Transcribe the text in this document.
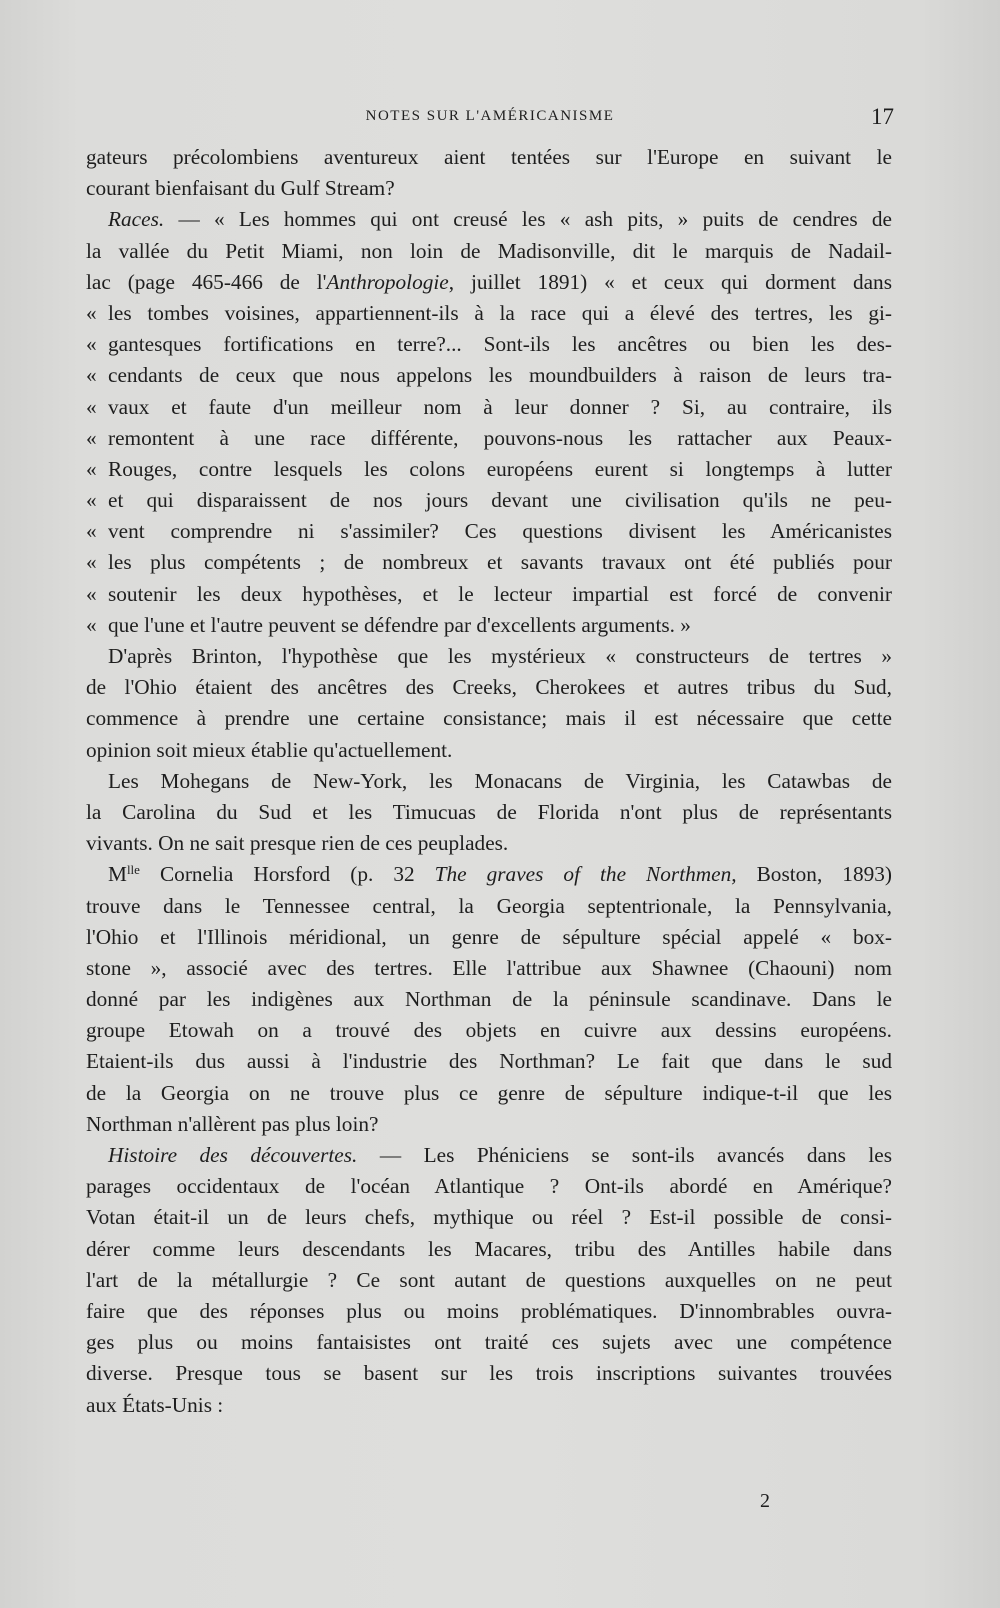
NOTES SUR L'AMÉRICANISME	17
gateurs précolombiens aventureux aient tentées sur l'Europe en suivant le
courant bienfaisant du Gulf Stream?
Races. — « Les hommes qui ont creusé les « ash pits, » puits de cendres de
la vallée du Petit Miami, non loin de Madisonville, dit le marquis de Nadail-
lac (page 465-466 de l'Anthropologie, juillet 1891) « et ceux qui dorment dans
« les tombes voisines, appartiennent-ils à la race qui a élevé des tertres, les gi-
« gantesques fortifications en terre?... Sont-ils les ancêtres ou bien les des-
« cendants de ceux que nous appelons les moundbuilders à raison de leurs tra-
« vaux et faute d'un meilleur nom à leur donner ? Si, au contraire, ils
« remontent à une race différente, pouvons-nous les rattacher aux Peaux-
« Rouges, contre lesquels les colons européens eurent si longtemps à lutter
« et qui disparaissent de nos jours devant une civilisation qu'ils ne peu-
« vent comprendre ni s'assimiler? Ces questions divisent les Américanistes
« les plus compétents ; de nombreux et savants travaux ont été publiés pour
« soutenir les deux hypothèses, et le lecteur impartial est forcé de convenir
« que l'une et l'autre peuvent se défendre par d'excellents arguments. »
D'après Brinton, l'hypothèse que les mystérieux « constructeurs de tertres »
de l'Ohio étaient des ancêtres des Creeks, Cherokees et autres tribus du Sud,
commence à prendre une certaine consistance; mais il est nécessaire que cette
opinion soit mieux établie qu'actuellement.
Les Mohegans de New-York, les Monacans de Virginia, les Catawbas de
la Carolina du Sud et les Timucuas de Florida n'ont plus de représentants
vivants. On ne sait presque rien de ces peuplades.
$M^{lle}$ Cornelia Horsford (p. 32 The graves of the Northmen, Boston, 1893)
trouve dans le Tennessee central, la Georgia septentrionale, la Pennsylvania,
l'Ohio et l'Illinois méridional, un genre de sépulture spécial appelé « box-
stone », associé avec des tertres. Elle l'attribue aux Shawnee (Chaouni) nom
donné par les indigènes aux Northman de la péninsule scandinave. Dans le
groupe Etowah on a trouvé des objets en cuivre aux dessins européens.
Etaient-ils dus aussi à l'industrie des Northman? Le fait que dans le sud
de la Georgia on ne trouve plus ce genre de sépulture indique-t-il que les
Northman n'allèrent pas plus loin?
Histoire des découvertes. — Les Phéniciens se sont-ils avancés dans les
parages occidentaux de l'océan Atlantique ? Ont-ils abordé en Amérique?
Votan était-il un de leurs chefs, mythique ou réel ? Est-il possible de consi-
dérer comme leurs descendants les Macares, tribu des Antilles habile dans
l'art de la métallurgie ? Ce sont autant de questions auxquelles on ne peut
faire que des réponses plus ou moins problématiques. D'innombrables ouvra-
ges plus ou moins fantaisistes ont traité ces sujets avec une compétence
diverse. Presque tous se basent sur les trois inscriptions suivantes trouvées
aux États-Unis :
2
